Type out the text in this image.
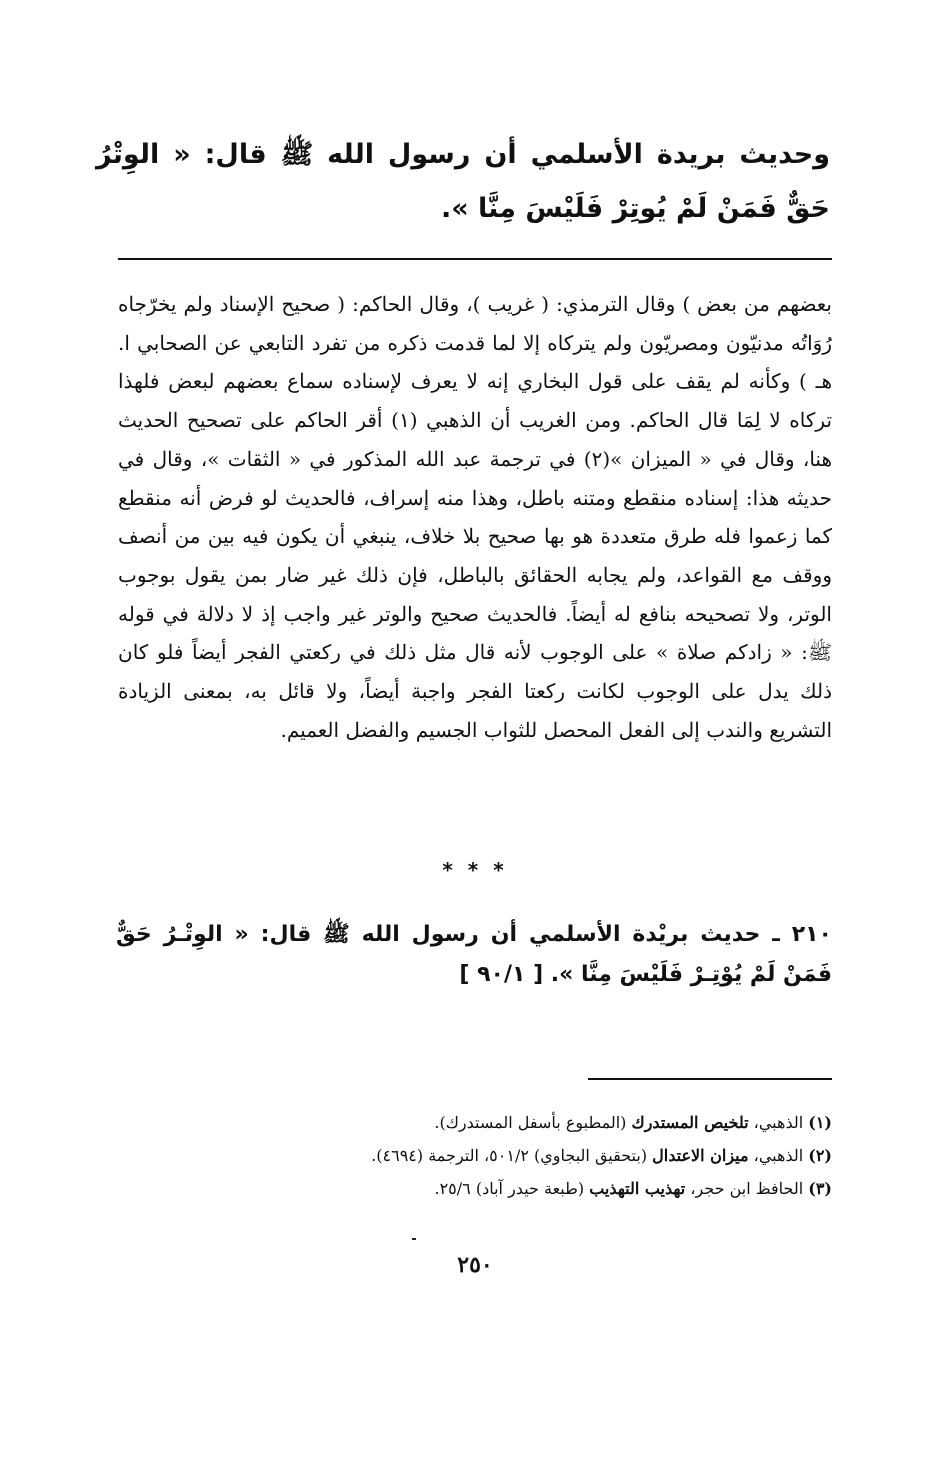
وحديث بريدة الأسلمي أن رسول الله ﷺ قال: « الوِتْرُ حَقٌّ فَمَنْ لَمْ يُوتِرْ فَلَيْسَ مِنَّا ».

بعضهم من بعض ) وقال الترمذي: ( غريب )، وقال الحاكم: ( صحيح الإسناد ولم يخرّجاه رُوَاتُه مدنيّون ومصريّون ولم يتركاه إلا لما قدمت ذكره من تفرد التابعي عن الصحابي ا. هـ ) وكأنه لم يقف على قول البخاري إنه لا يعرف لإسناده سماع بعضهم لبعض فلهذا تركاه لا لِمَا قال الحاكم. ومن الغريب أن الذهبي (١) أقر الحاكم على تصحيح الحديث هنا، وقال في « الميزان »(٢) في ترجمة عبد الله المذكور في « الثقات »، وقال في حديثه هذا: إسناده منقطع ومتنه باطل، وهذا منه إسراف، فالحديث لو فرض أنه منقطع كما زعموا فله طرق متعددة هو بها صحيح بلا خلاف، ينبغي أن يكون فيه بين من أنصف ووقف مع القواعد، ولم يجابه الحقائق بالباطل، فإن ذلك غير ضار بمن يقول بوجوب الوتر، ولا تصحيحه بنافع له أيضاً. فالحديث صحيح والوتر غير واجب إذ لا دلالة في قوله ﷺ: « زادكم صلاة » على الوجوب لأنه قال مثل ذلك في ركعتي الفجر أيضاً فلو كان ذلك يدل على الوجوب لكانت ركعتا الفجر واجبة أيضاً، ولا قائل به، بمعنى الزيادة التشريع والندب إلى الفعل المحصل للثواب الجسيم والفضل العميم.

* * *

٢١٠ ـ حديث بريْدة الأسلمي أن رسول الله ﷺ قال: « الوِتْـرُ حَقٌّ فَمَنْ لَمْ يُوْتِـرْ فَلَيْسَ مِنَّا ». [ ٩٠/١ ]

(١) الذهبي، تلخيص المستدرك (المطبوع بأسفل المستدرك).
(٢) الذهبي، ميزان الاعتدال (بتحقيق البجاوي) ٥٠١/٢، الترجمة (٤٦٩٤).
(٣) الحافظ ابن حجر، تهذيب التهذيب (طبعة حيدر آباد) ٢٥/٦.
٢٥٠
